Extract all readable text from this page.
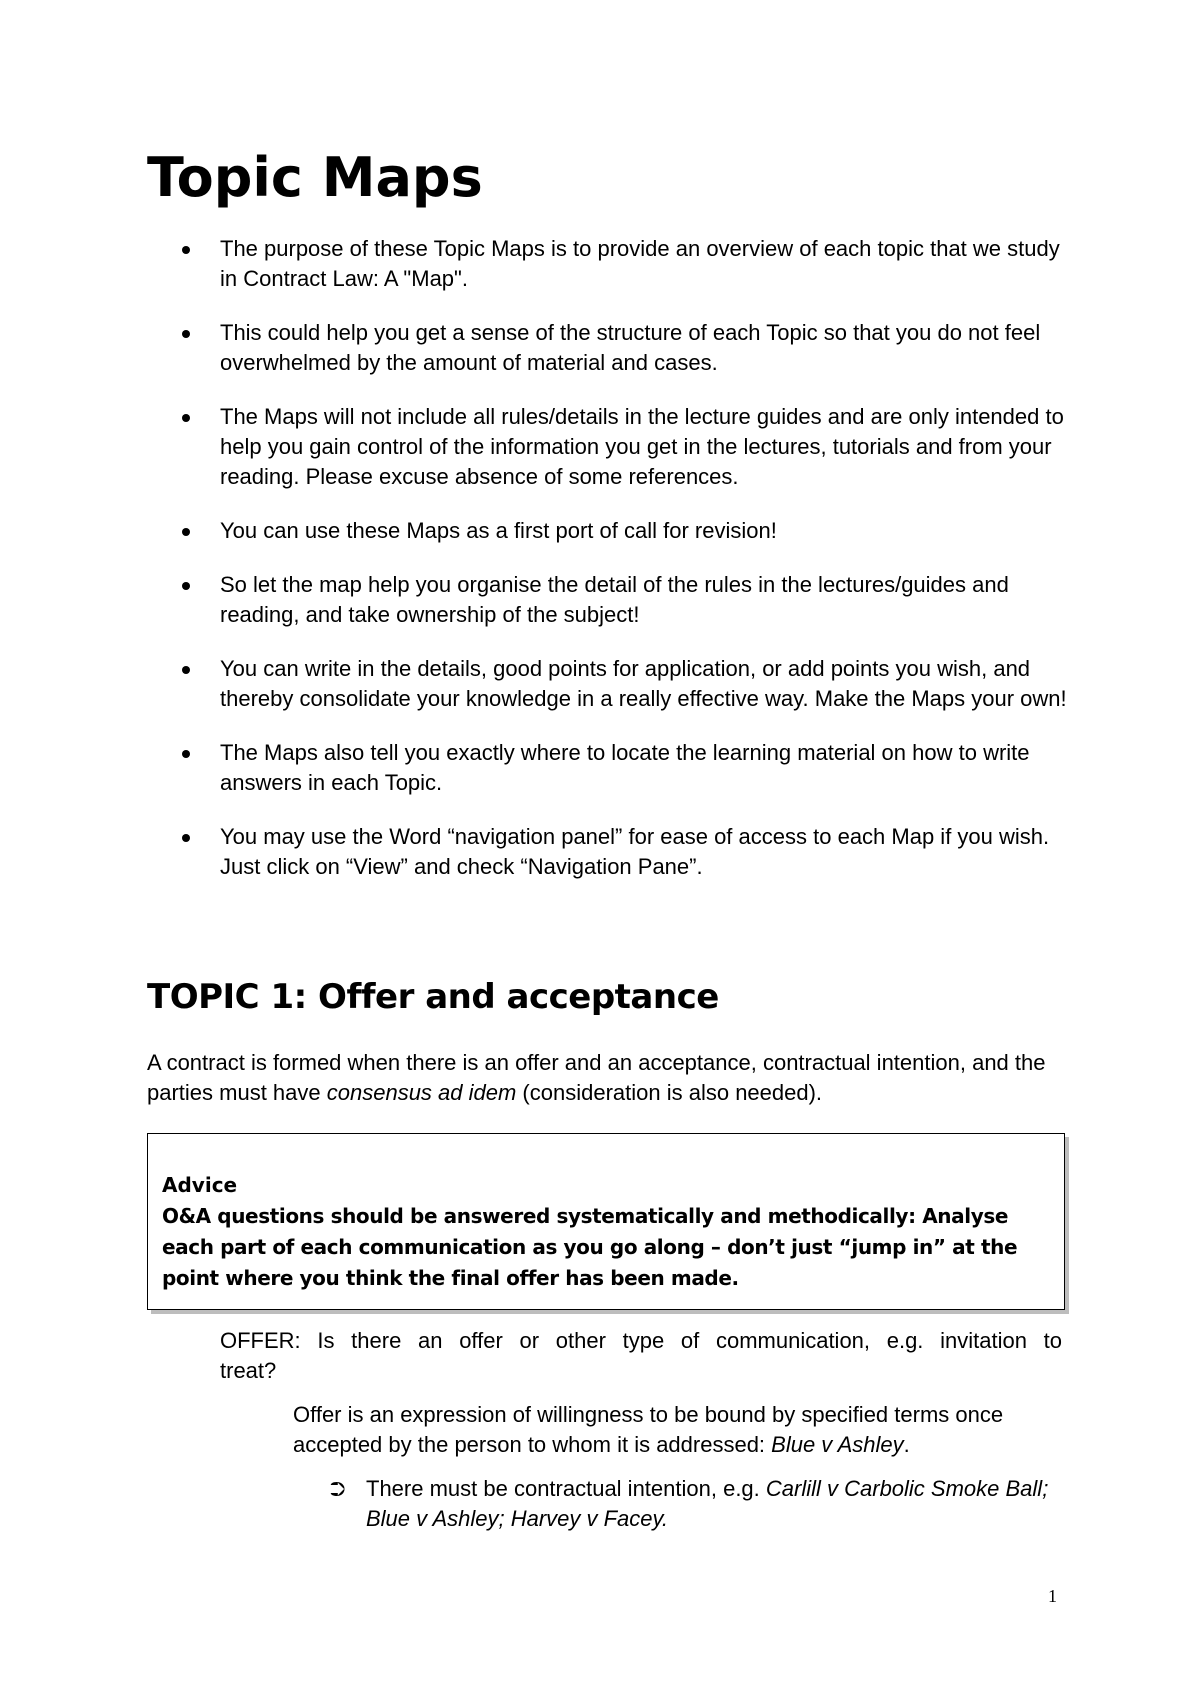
Topic Maps
The purpose of these Topic Maps is to provide an overview of each topic that we study in Contract Law: A "Map".
This could help you get a sense of the structure of each Topic so that you do not feel overwhelmed by the amount of material and cases.
The Maps will not include all rules/details in the lecture guides and are only intended to help you gain control of the information you get in the lectures, tutorials and from your reading. Please excuse absence of some references.
You can use these Maps as a first port of call for revision!
So let the map help you organise the detail of the rules in the lectures/guides and reading, and take ownership of the subject!
You can write in the details, good points for application, or add points you wish, and thereby consolidate your knowledge in a really effective way. Make the Maps your own!
The Maps also tell you exactly where to locate the learning material on how to write answers in each Topic.
You may use the Word “navigation panel” for ease of access to each Map if you wish. Just click on “View” and check “Navigation Pane”.
TOPIC 1: Offer and acceptance

A contract is formed when there is an offer and an acceptance, contractual intention, and the parties must have consensus ad idem (consideration is also needed).

Advice
O&A questions should be answered systematically and methodically: Analyse each part of each communication as you go along – don’t just “jump in” at the point where you think the final offer has been made.

OFFER: Is there an offer or other type of communication, e.g. invitation to treat?

Offer is an expression of willingness to be bound by specified terms once accepted by the person to whom it is addressed: Blue v Ashley.

⮊ There must be contractual intention, e.g. Carlill v Carbolic Smoke Ball; Blue v Ashley; Harvey v Facey.
1
